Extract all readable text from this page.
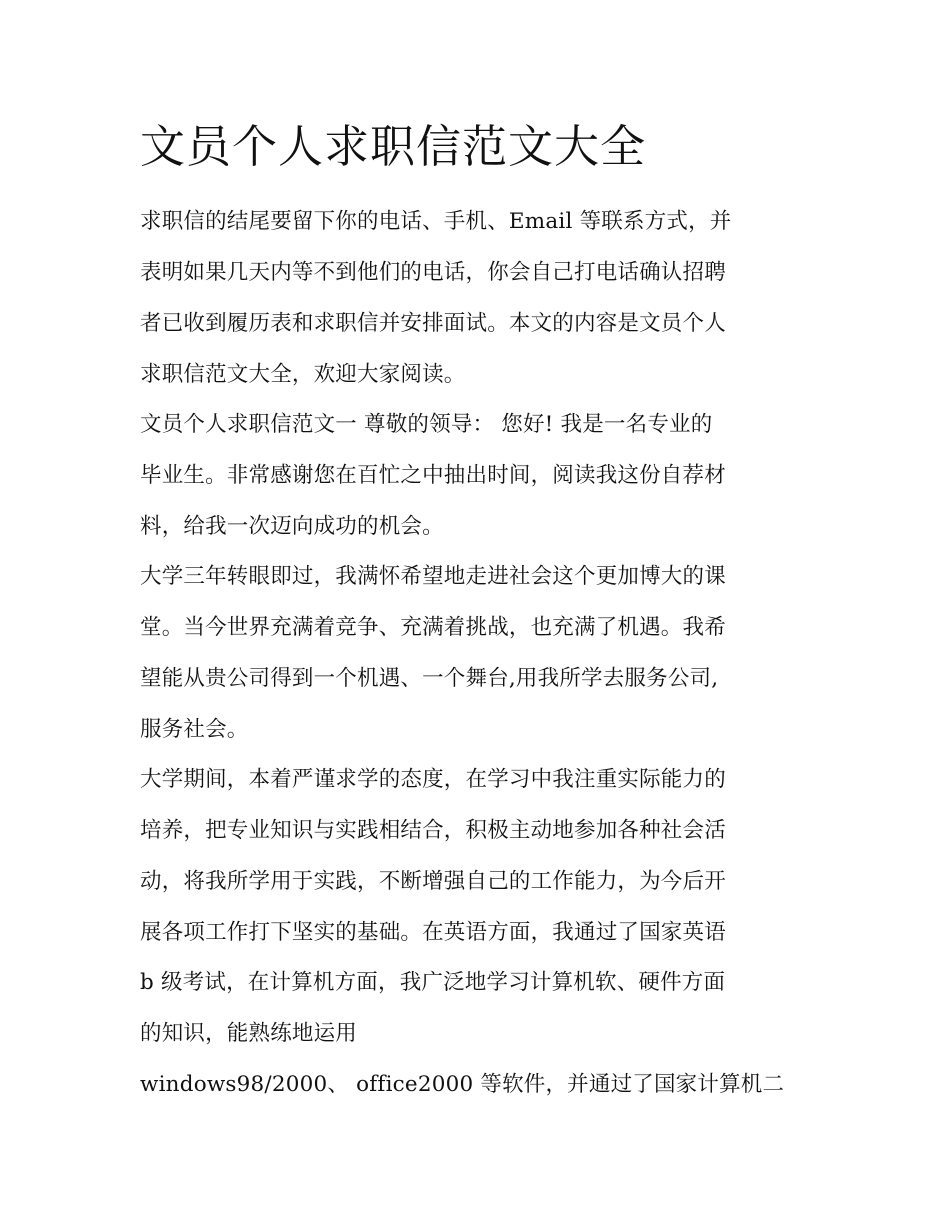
文员个人求职信范文大全

求职信的结尾要留下你的电话、手机、Email 等联系方式，并

表明如果几天内等不到他们的电话，你会自己打电话确认招聘

者已收到履历表和求职信并安排面试。本文的内容是文员个人

求职信范文大全，欢迎大家阅读。

文员个人求职信范文一 尊敬的领导： 您好! 我是一名专业的

毕业生。非常感谢您在百忙之中抽出时间，阅读我这份自荐材

料，给我一次迈向成功的机会。

大学三年转眼即过，我满怀希望地走进社会这个更加博大的课

堂。当今世界充满着竞争、充满着挑战，也充满了机遇。我希

望能从贵公司得到一个机遇、一个舞台,用我所学去服务公司,

服务社会。

大学期间，本着严谨求学的态度，在学习中我注重实际能力的

培养，把专业知识与实践相结合，积极主动地参加各种社会活

动，将我所学用于实践，不断增强自己的工作能力，为今后开

展各项工作打下坚实的基础。在英语方面，我通过了国家英语

b 级考试，在计算机方面，我广泛地学习计算机软、硬件方面

的知识，能熟练地运用

windows98/2000、 office2000 等软件，并通过了国家计算机二
